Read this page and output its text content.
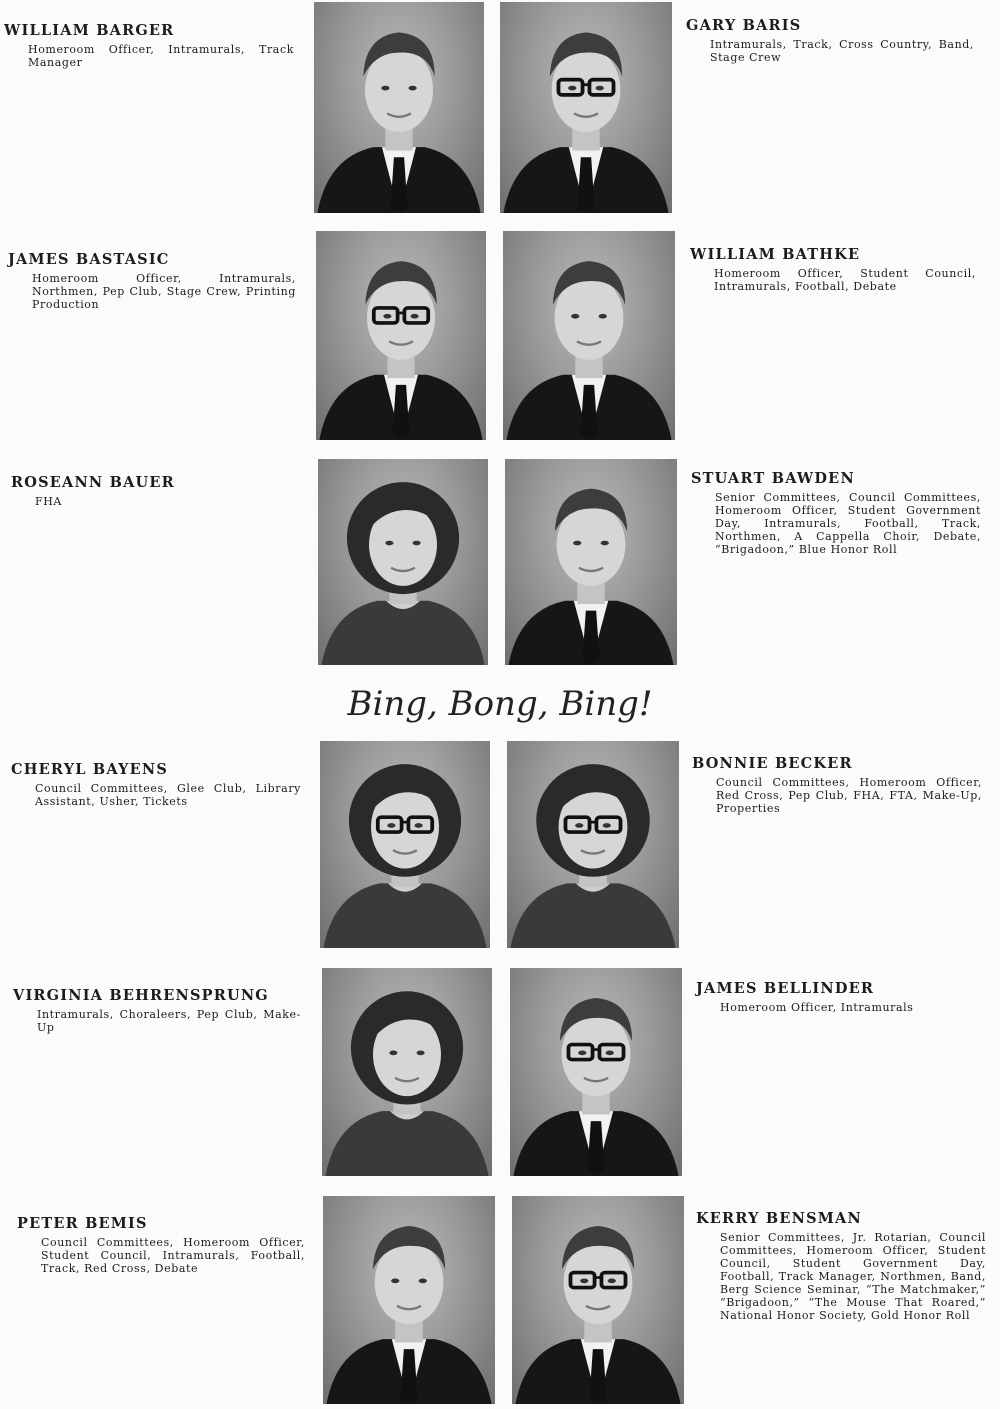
WILLIAM BARGER

Homeroom Officer, Intramurals, Track Manager

GARY BARIS

Intramurals, Track, Cross Country, Band, Stage Crew

JAMES BASTASIC

Homeroom Officer, Intramurals, Northmen, Pep Club, Stage Crew, Printing Production

WILLIAM BATHKE

Homeroom Officer, Student Council, Intramurals, Football, Debate

ROSEANN BAUER

FHA

STUART BAWDEN

Senior Committees, Council Committees, Homeroom Officer, Student Government Day, Intramurals, Football, Track, Northmen, A Cappella Choir, Debate, “Brigadoon,” Blue Honor Roll

Bing, Bong, Bing!

CHERYL BAYENS

Council Committees, Glee Club, Library Assistant, Usher, Tickets

BONNIE BECKER

Council Committees, Homeroom Officer, Red Cross, Pep Club, FHA, FTA, Make-Up, Properties

VIRGINIA BEHRENSPRUNG

Intramurals, Choraleers, Pep Club, Make-Up

JAMES BELLINDER

Homeroom Officer, Intramurals

PETER BEMIS

Council Committees, Homeroom Officer, Student Council, Intramurals, Football, Track, Red Cross, Debate

KERRY BENSMAN

Senior Committees, Jr. Rotarian, Council Committees, Homeroom Officer, Student Council, Student Government Day, Football, Track Manager, Northmen, Band, Berg Science Seminar, “The Matchmaker,” “Brigadoon,” “The Mouse That Roared,” National Honor Society, Gold Honor Roll
